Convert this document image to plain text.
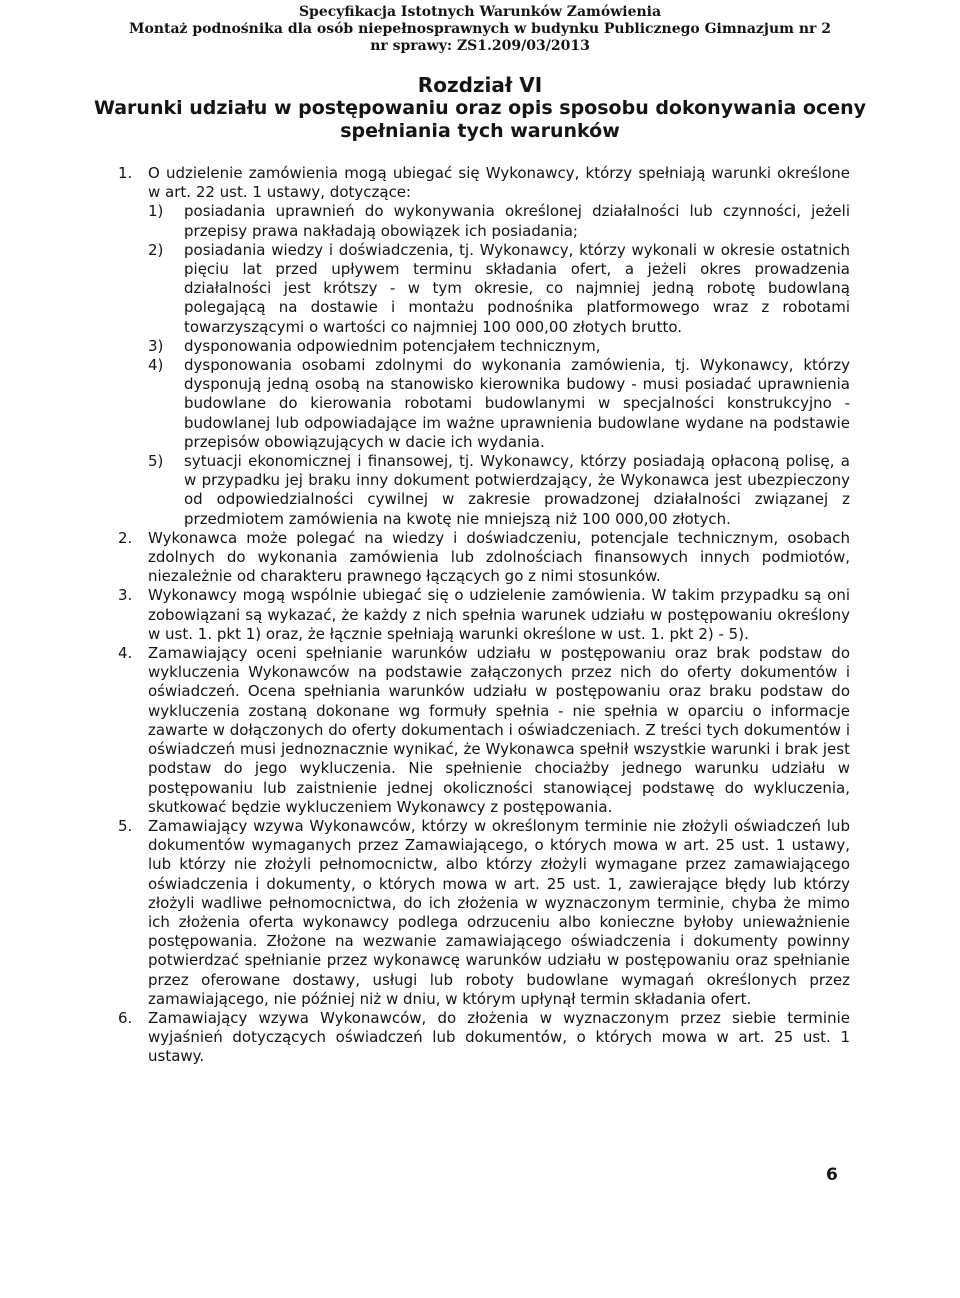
Specyfikacja Istotnych Warunków Zamówienia
Montaż podnośnika dla osób niepełnosprawnych w budynku Publicznego Gimnazjum nr 2
nr sprawy: ZS1.209/03/2013
Rozdział VI
Warunki udziału w postępowaniu oraz opis sposobu dokonywania oceny
spełniania tych warunków
1. O udzielenie zamówienia mogą ubiegać się Wykonawcy, którzy spełniają warunki określone w art. 22 ust. 1 ustawy, dotyczące:
1) posiadania uprawnień do wykonywania określonej działalności lub czynności, jeżeli przepisy prawa nakładają obowiązek ich posiadania;
2) posiadania wiedzy i doświadczenia, tj. Wykonawcy, którzy wykonali w okresie ostatnich pięciu lat przed upływem terminu składania ofert, a jeżeli okres prowadzenia działalności jest krótszy - w tym okresie, co najmniej jedną robotę budowlaną polegającą na dostawie i montażu podnośnika platformowego wraz z robotami towarzyszącymi o wartości co najmniej 100 000,00 złotych brutto.
3) dysponowania odpowiednim potencjałem technicznym,
4) dysponowania osobami zdolnymi do wykonania zamówienia, tj. Wykonawcy, którzy dysponują jedną osobą na stanowisko kierownika budowy - musi posiadać uprawnienia budowlane do kierowania robotami budowlanymi w specjalności konstrukcyjno - budowlanej lub odpowiadające im ważne uprawnienia budowlane wydane na podstawie przepisów obowiązujących w dacie ich wydania.
5) sytuacji ekonomicznej i finansowej, tj. Wykonawcy, którzy posiadają opłaconą polisę, a w przypadku jej braku inny dokument potwierdzający, że Wykonawca jest ubezpieczony od odpowiedzialności cywilnej w zakresie prowadzonej działalności związanej z przedmiotem zamówienia na kwotę nie mniejszą niż 100 000,00 złotych.
2. Wykonawca może polegać na wiedzy i doświadczeniu, potencjale technicznym, osobach zdolnych do wykonania zamówienia lub zdolnościach finansowych innych podmiotów, niezależnie od charakteru prawnego łączących go z nimi stosunków.
3. Wykonawcy mogą wspólnie ubiegać się o udzielenie zamówienia. W takim przypadku są oni zobowiązani są wykazać, że każdy z nich spełnia warunek udziału w postępowaniu określony w ust. 1. pkt 1) oraz, że łącznie spełniają warunki określone w ust. 1. pkt 2) - 5).
4. Zamawiający oceni spełnianie warunków udziału w postępowaniu oraz brak podstaw do wykluczenia Wykonawców na podstawie załączonych przez nich do oferty dokumentów i oświadczeń. Ocena spełniania warunków udziału w postępowaniu oraz braku podstaw do wykluczenia zostaną dokonane wg formuły spełnia - nie spełnia w oparciu o informacje zawarte w dołączonych do oferty dokumentach i oświadczeniach. Z treści tych dokumentów i oświadczeń musi jednoznacznie wynikać, że Wykonawca spełnił wszystkie warunki i brak jest podstaw do jego wykluczenia. Nie spełnienie chociażby jednego warunku udziału w postępowaniu lub zaistnienie jednej okoliczności stanowiącej podstawę do wykluczenia, skutkować będzie wykluczeniem Wykonawcy z postępowania.
5. Zamawiający wzywa Wykonawców, którzy w określonym terminie nie złożyli oświadczeń lub dokumentów wymaganych przez Zamawiającego, o których mowa w art. 25 ust. 1 ustawy, lub którzy nie złożyli pełnomocnictw, albo którzy złożyli wymagane przez zamawiającego oświadczenia i dokumenty, o których mowa w art. 25 ust. 1, zawierające błędy lub którzy złożyli wadliwe pełnomocnictwa, do ich złożenia w wyznaczonym terminie, chyba że mimo ich złożenia oferta wykonawcy podlega odrzuceniu albo konieczne byłoby unieważnienie postępowania. Złożone na wezwanie zamawiającego oświadczenia i dokumenty powinny potwierdzać spełnianie przez wykonawcę warunków udziału w postępowaniu oraz spełnianie przez oferowane dostawy, usługi lub roboty budowlane wymagań określonych przez zamawiającego, nie później niż w dniu, w którym upłynął termin składania ofert.
6. Zamawiający wzywa Wykonawców, do złożenia w wyznaczonym przez siebie terminie wyjaśnień dotyczących oświadczeń lub dokumentów, o których mowa w art. 25 ust. 1 ustawy.
6
